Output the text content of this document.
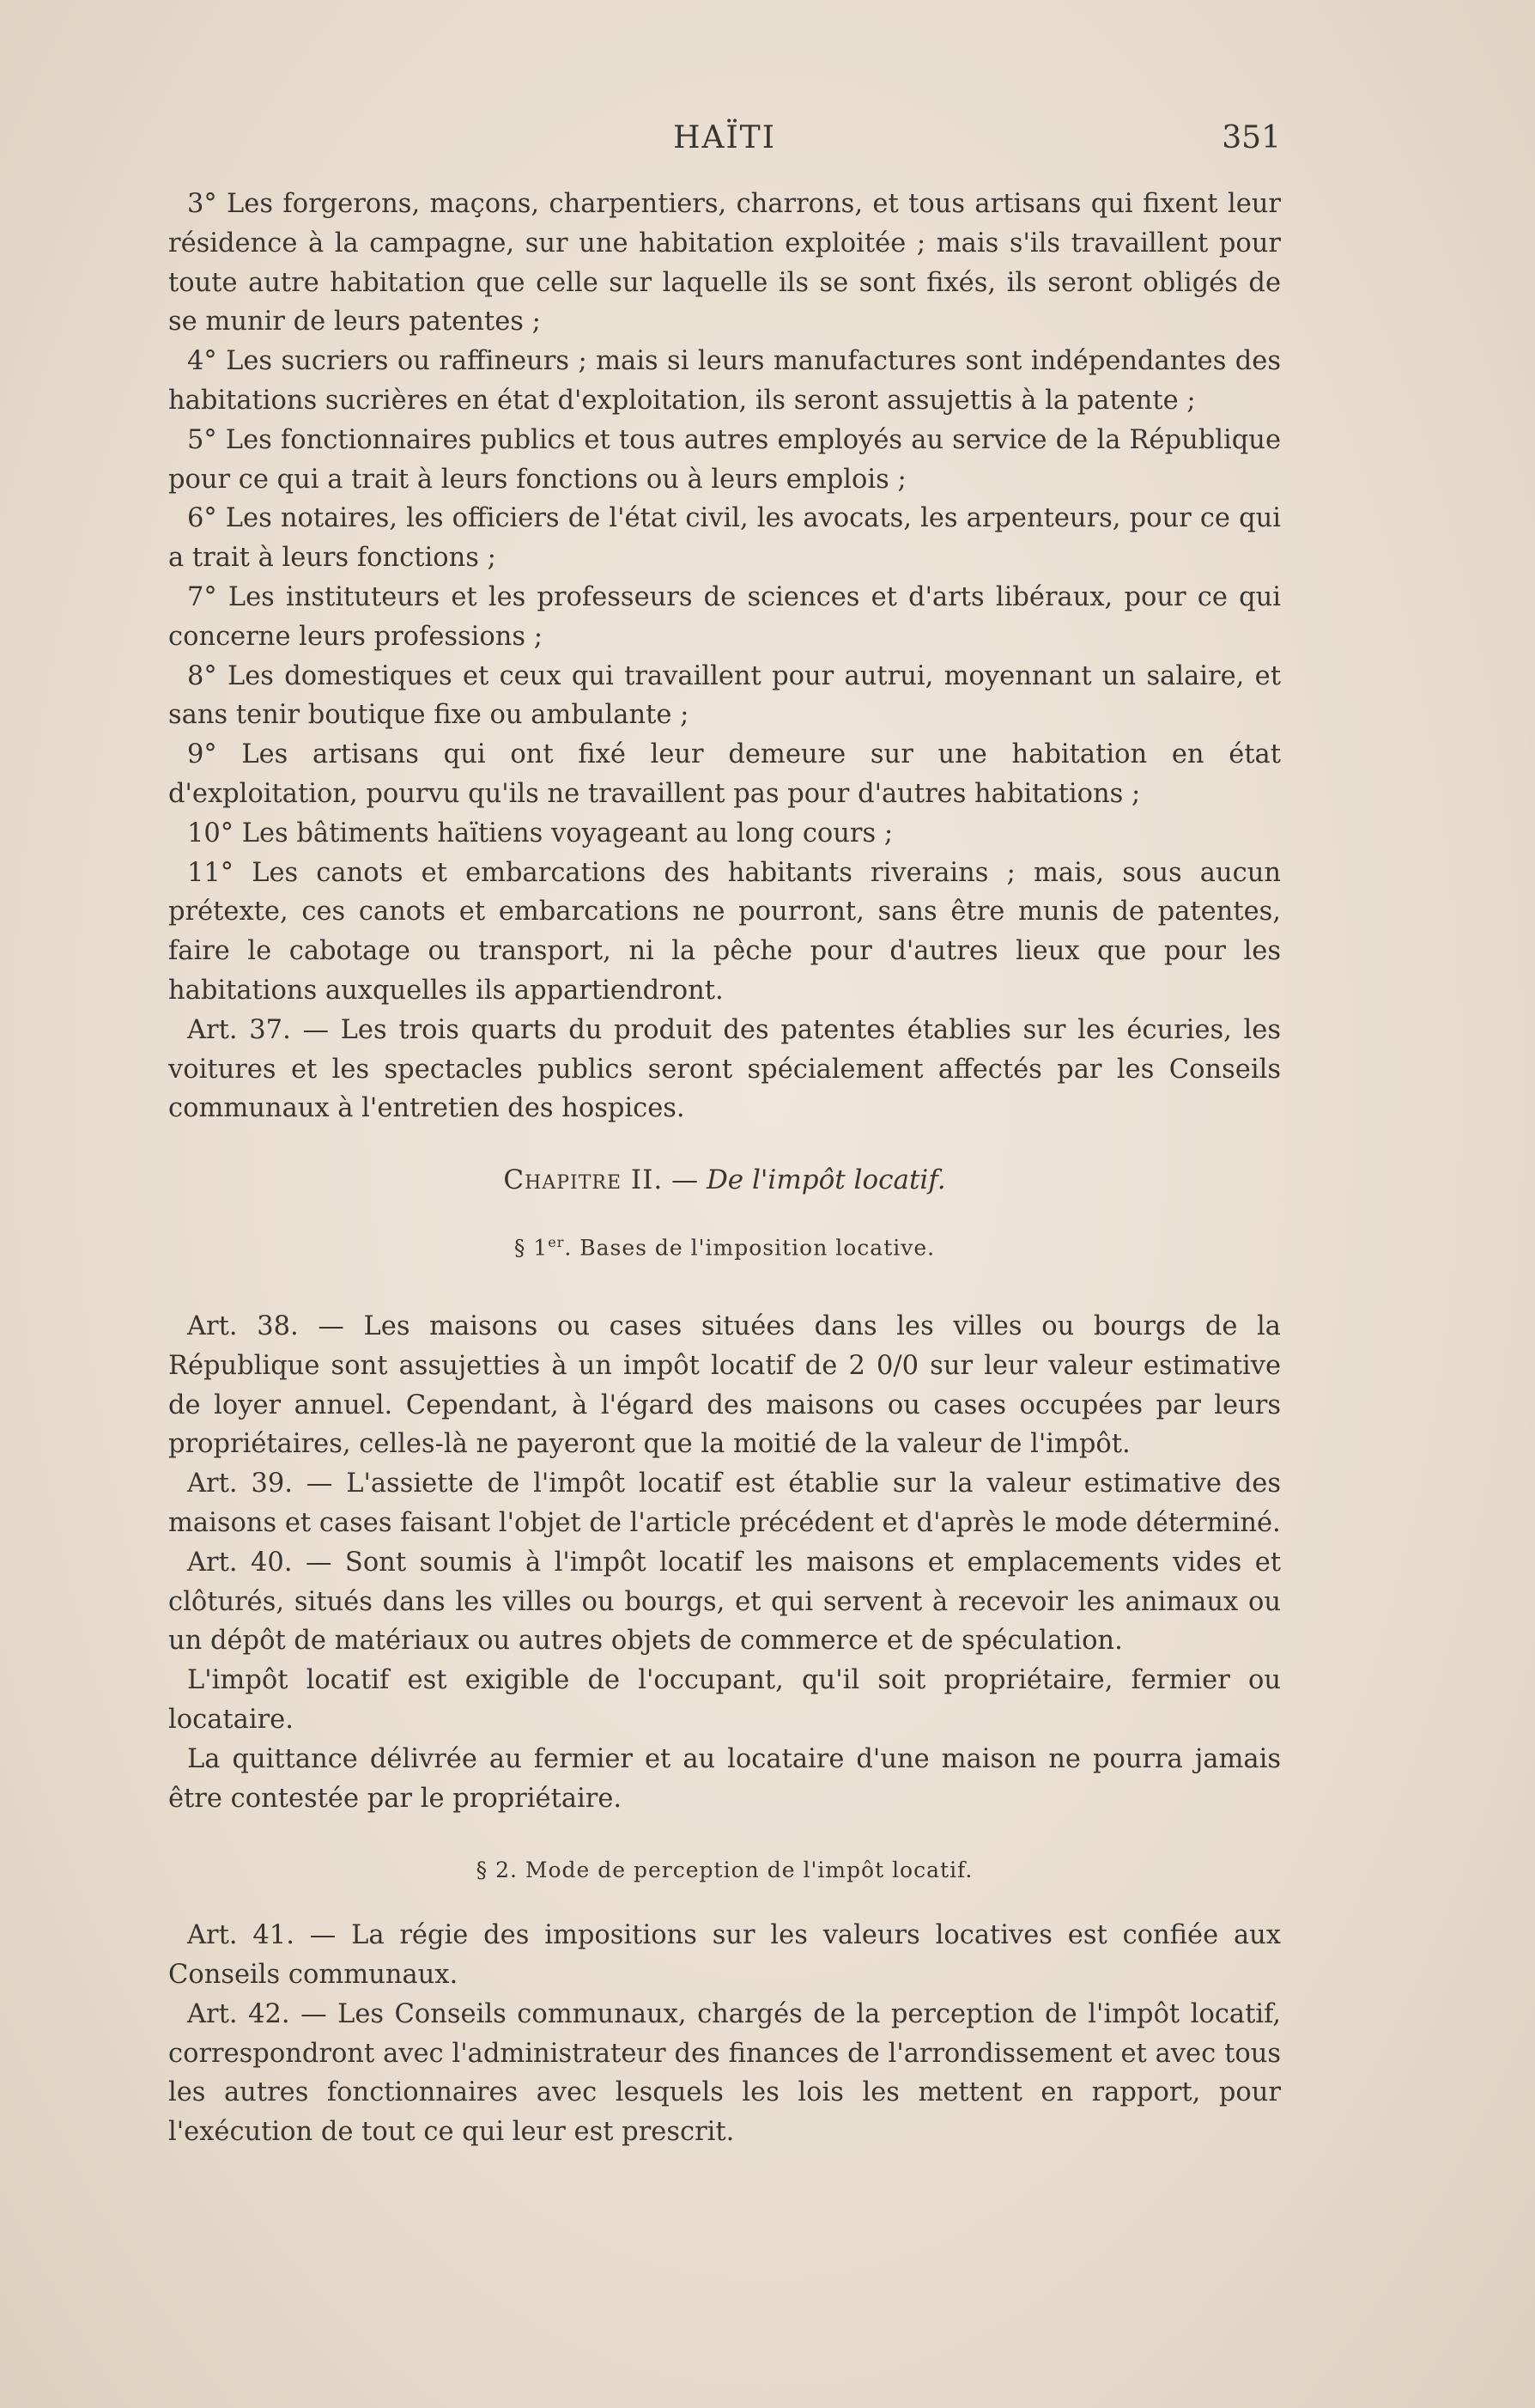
HAÏTI	351

3° Les forgerons, maçons, charpentiers, charrons, et tous artisans qui fixent leur résidence à la campagne, sur une habitation exploitée ; mais s'ils travaillent pour toute autre habitation que celle sur laquelle ils se sont fixés, ils seront obligés de se munir de leurs patentes ;

4° Les sucriers ou raffineurs ; mais si leurs manufactures sont indépendantes des habitations sucrières en état d'exploitation, ils seront assujettis à la patente ;

5° Les fonctionnaires publics et tous autres employés au service de la République pour ce qui a trait à leurs fonctions ou à leurs emplois ;

6° Les notaires, les officiers de l'état civil, les avocats, les arpenteurs, pour ce qui a trait à leurs fonctions ;

7° Les instituteurs et les professeurs de sciences et d'arts libéraux, pour ce qui concerne leurs professions ;

8° Les domestiques et ceux qui travaillent pour autrui, moyennant un salaire, et sans tenir boutique fixe ou ambulante ;

9° Les artisans qui ont fixé leur demeure sur une habitation en état d'exploitation, pourvu qu'ils ne travaillent pas pour d'autres habitations ;

10° Les bâtiments haïtiens voyageant au long cours ;

11° Les canots et embarcations des habitants riverains ; mais, sous aucun prétexte, ces canots et embarcations ne pourront, sans être munis de patentes, faire le cabotage ou transport, ni la pêche pour d'autres lieux que pour les habitations auxquelles ils appartiendront.

Art. 37. — Les trois quarts du produit des patentes établies sur les écuries, les voitures et les spectacles publics seront spécialement affectés par les Conseils communaux à l'entretien des hospices.

Chapitre II. — De l'impôt locatif.
§ 1er. Bases de l'imposition locative.

Art. 38. — Les maisons ou cases situées dans les villes ou bourgs de la République sont assujetties à un impôt locatif de 2 0/0 sur leur valeur estimative de loyer annuel. Cependant, à l'égard des maisons ou cases occupées par leurs propriétaires, celles-là ne payeront que la moitié de la valeur de l'impôt.

Art. 39. — L'assiette de l'impôt locatif est établie sur la valeur estimative des maisons et cases faisant l'objet de l'article précédent et d'après le mode déterminé.

Art. 40. — Sont soumis à l'impôt locatif les maisons et emplacements vides et clôturés, situés dans les villes ou bourgs, et qui servent à recevoir les animaux ou un dépôt de matériaux ou autres objets de commerce et de spéculation.

L'impôt locatif est exigible de l'occupant, qu'il soit propriétaire, fermier ou locataire.

La quittance délivrée au fermier et au locataire d'une maison ne pourra jamais être contestée par le propriétaire.

§ 2. Mode de perception de l'impôt locatif.

Art. 41. — La régie des impositions sur les valeurs locatives est confiée aux Conseils communaux.

Art. 42. — Les Conseils communaux, chargés de la perception de l'impôt locatif, correspondront avec l'administrateur des finances de l'arrondissement et avec tous les autres fonctionnaires avec lesquels les lois les mettent en rapport, pour l'exécution de tout ce qui leur est prescrit.
